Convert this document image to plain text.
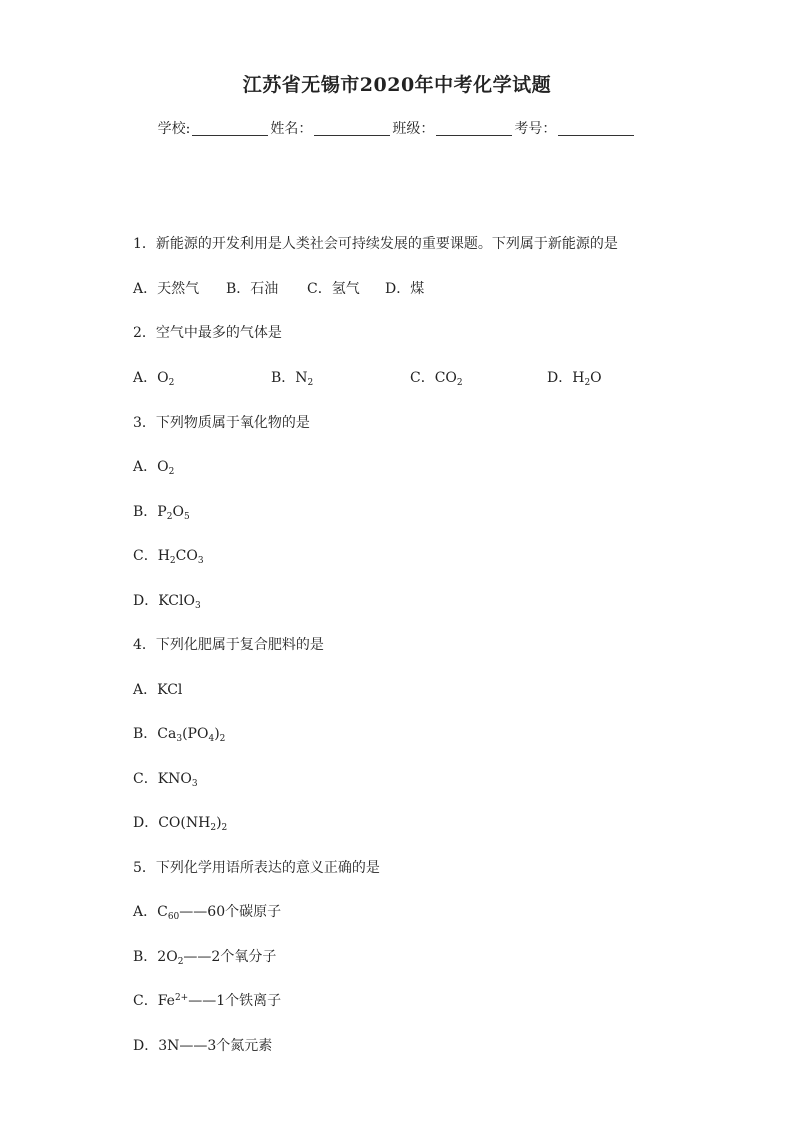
江苏省无锡市2020年中考化学试题
学校:	姓名：	班级：	考号：
1．新能源的开发利用是人类社会可持续发展的重要课题。下列属于新能源的是
A．天然气 B．石油 C．氢气 D．煤
2．空气中最多的气体是
A．$O_2$	B．$N_2$	C．$CO_2$	D．$H_2O$
3．下列物质属于氧化物的是
A．$O_2$
B．$P_2O_5$
C．$H_2CO_3$
D．KClO$_3$
4．下列化肥属于复合肥料的是
A．KCl
B．$Ca_3(PO_4)_2$
C．$KNO_3$
D．$CO(NH_2)_2$
5．下列化学用语所表达的意义正确的是
A．$C_{60}——60$个碳原子
B．$2O_2——2$个氧分子
C．$Fe^{2+}——1$个铁离子
D．3N——3个氮元素
